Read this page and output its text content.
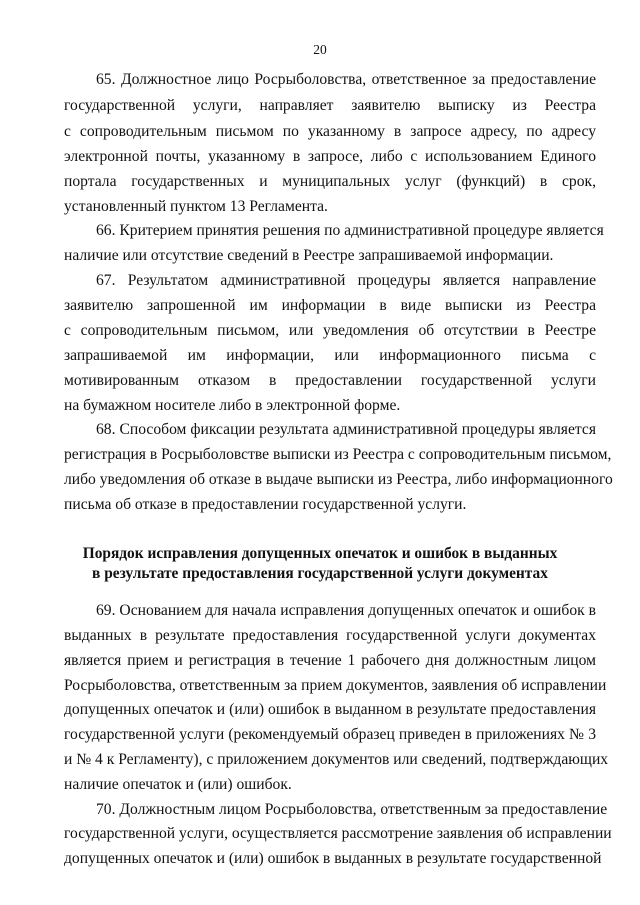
20
65. Должностное лицо Росрыболовства, ответственное за предоставление
государственной услуги, направляет заявителю выписку из Реестра
с сопроводительным письмом по указанному в запросе адресу, по адресу
электронной почты, указанному в запросе, либо с использованием Единого
портала государственных и муниципальных услуг (функций) в срок,
установленный пунктом 13 Регламента.
66. Критерием принятия решения по административной процедуре является
наличие или отсутствие сведений в Реестре запрашиваемой информации.
67. Результатом административной процедуры является направление
заявителю запрошенной им информации в виде выписки из Реестра
с сопроводительным письмом, или уведомления об отсутствии в Реестре
запрашиваемой им информации, или информационного письма с
мотивированным отказом в предоставлении государственной услуги
на бумажном носителе либо в электронной форме.
68. Способом фиксации результата административной процедуры является
регистрация в Росрыболовстве выписки из Реестра с сопроводительным письмом,
либо уведомления об отказе в выдаче выписки из Реестра, либо информационного
письма об отказе в предоставлении государственной услуги.
Порядок исправления допущенных опечаток и ошибок в выданных
в результате предоставления государственной услуги документах
69. Основанием для начала исправления допущенных опечаток и ошибок в
выданных в результате предоставления государственной услуги документах
является прием и регистрация в течение 1 рабочего дня должностным лицом
Росрыболовства, ответственным за прием документов, заявления об исправлении
допущенных опечаток и (или) ошибок в выданном в результате предоставления
государственной услуги (рекомендуемый образец приведен в приложениях № 3
и № 4 к Регламенту), с приложением документов или сведений, подтверждающих
наличие опечаток и (или) ошибок.
70. Должностным лицом Росрыболовства, ответственным за предоставление
государственной услуги, осуществляется рассмотрение заявления об исправлении
допущенных опечаток и (или) ошибок в выданных в результате государственной
